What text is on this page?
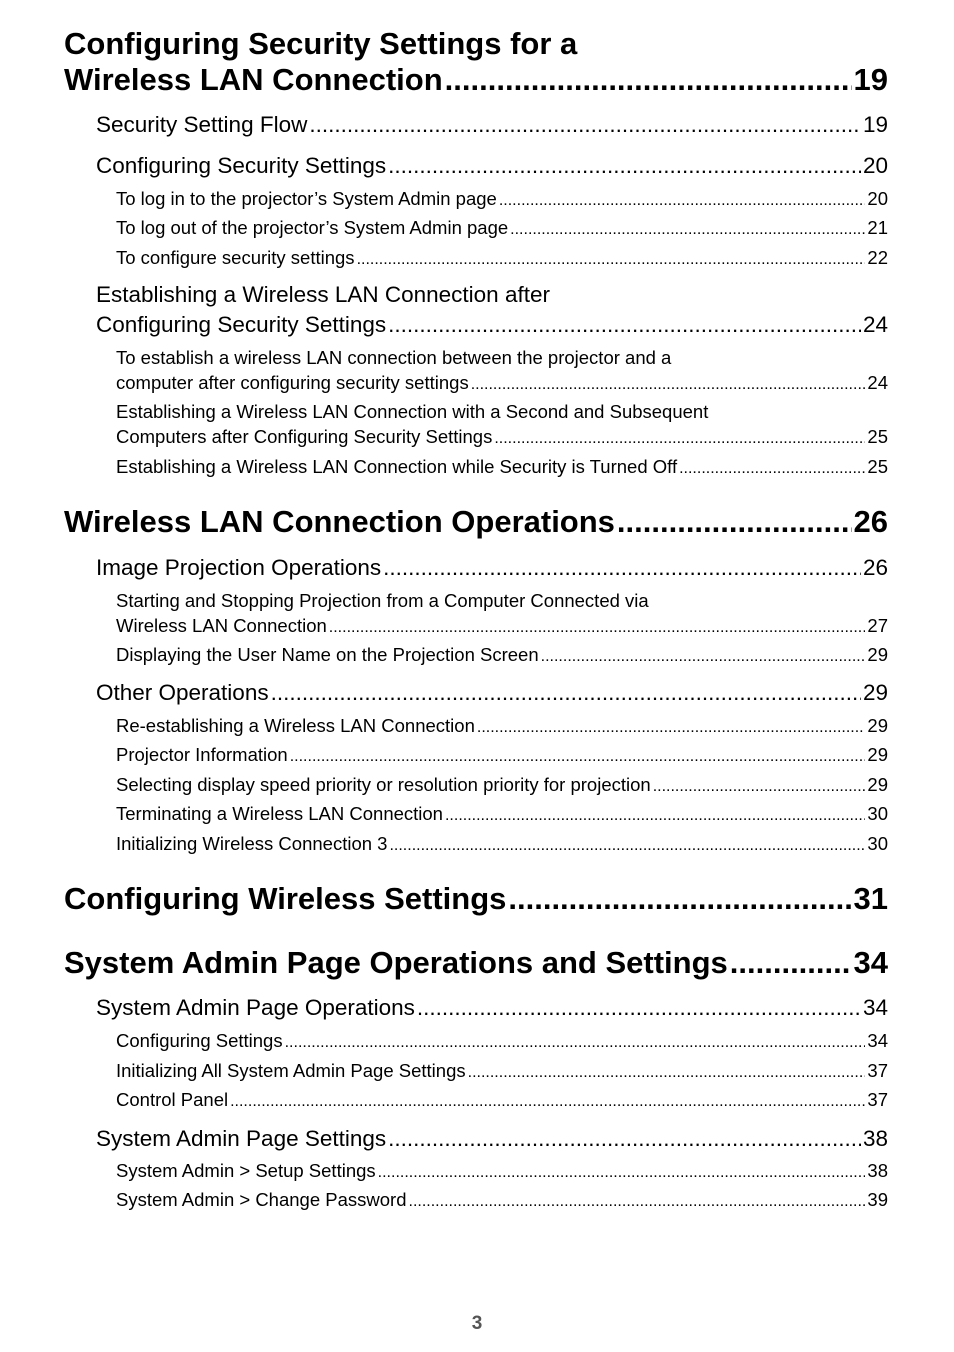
Configuring Security Settings for a
Wireless LAN Connection .....	19
Security Setting Flow .....	19
Configuring Security Settings .....	20
To log in to the projector’s System Admin page .....	20
To log out of the projector’s System Admin page .....	21
To configure security settings .....	22
Establishing a Wireless LAN Connection after
Configuring Security Settings .....	24
To establish a wireless LAN connection between the projector and a
computer after configuring security settings .....	24
Establishing a Wireless LAN Connection with a Second and Subsequent
Computers after Configuring Security Settings .....	25
Establishing a Wireless LAN Connection while Security is Turned Off .....	25
Wireless LAN Connection Operations .....	26
Image Projection Operations .....	26
Starting and Stopping Projection from a Computer Connected via
Wireless LAN Connection .....	27
Displaying the User Name on the Projection Screen .....	29
Other Operations .....	29
Re-establishing a Wireless LAN Connection .....	29
Projector Information .....	29
Selecting display speed priority or resolution priority for projection .....	29
Terminating a Wireless LAN Connection .....	30
Initializing Wireless Connection 3 .....	30
Configuring Wireless Settings .....	31
System Admin Page Operations and Settings .....	34
System Admin Page Operations .....	34
Configuring Settings .....	34
Initializing All System Admin Page Settings .....	37
Control Panel .....	37
System Admin Page Settings .....	38
System Admin > Setup Settings .....	38
System Admin > Change Password .....	39
3
